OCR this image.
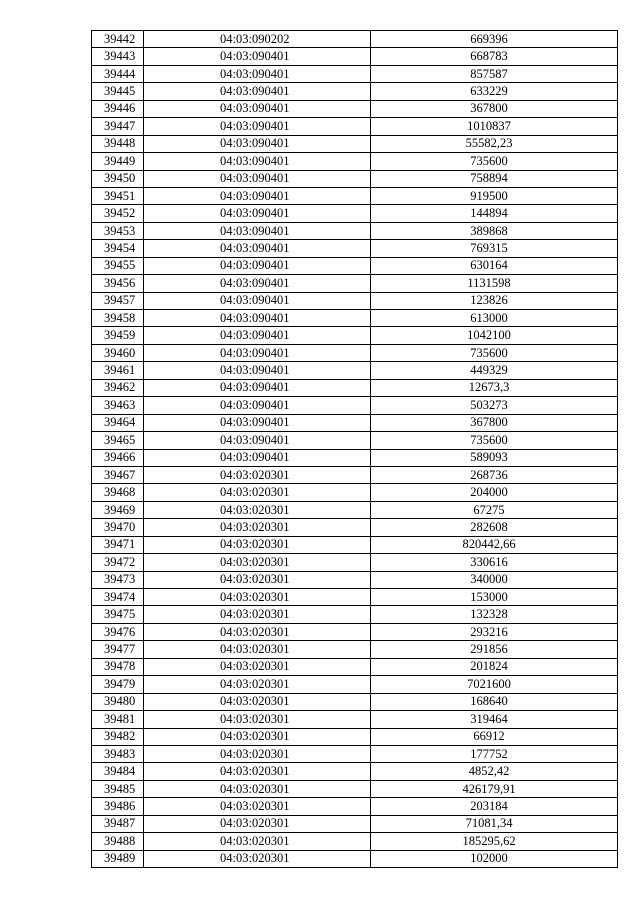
39442	04:03:090202	669396
39443	04:03:090401	668783
39444	04:03:090401	857587
39445	04:03:090401	633229
39446	04:03:090401	367800
39447	04:03:090401	1010837
39448	04:03:090401	55582,23
39449	04:03:090401	735600
39450	04:03:090401	758894
39451	04:03:090401	919500
39452	04:03:090401	144894
39453	04:03:090401	389868
39454	04:03:090401	769315
39455	04:03:090401	630164
39456	04:03:090401	1131598
39457	04:03:090401	123826
39458	04:03:090401	613000
39459	04:03:090401	1042100
39460	04:03:090401	735600
39461	04:03:090401	449329
39462	04:03:090401	12673,3
39463	04:03:090401	503273
39464	04:03:090401	367800
39465	04:03:090401	735600
39466	04:03:090401	589093
39467	04:03:020301	268736
39468	04:03:020301	204000
39469	04:03:020301	67275
39470	04:03:020301	282608
39471	04:03:020301	820442,66
39472	04:03:020301	330616
39473	04:03:020301	340000
39474	04:03:020301	153000
39475	04:03:020301	132328
39476	04:03:020301	293216
39477	04:03:020301	291856
39478	04:03:020301	201824
39479	04:03:020301	7021600
39480	04:03:020301	168640
39481	04:03:020301	319464
39482	04:03:020301	66912
39483	04:03:020301	177752
39484	04:03:020301	4852,42
39485	04:03:020301	426179,91
39486	04:03:020301	203184
39487	04:03:020301	71081,34
39488	04:03:020301	185295,62
39489	04:03:020301	102000
